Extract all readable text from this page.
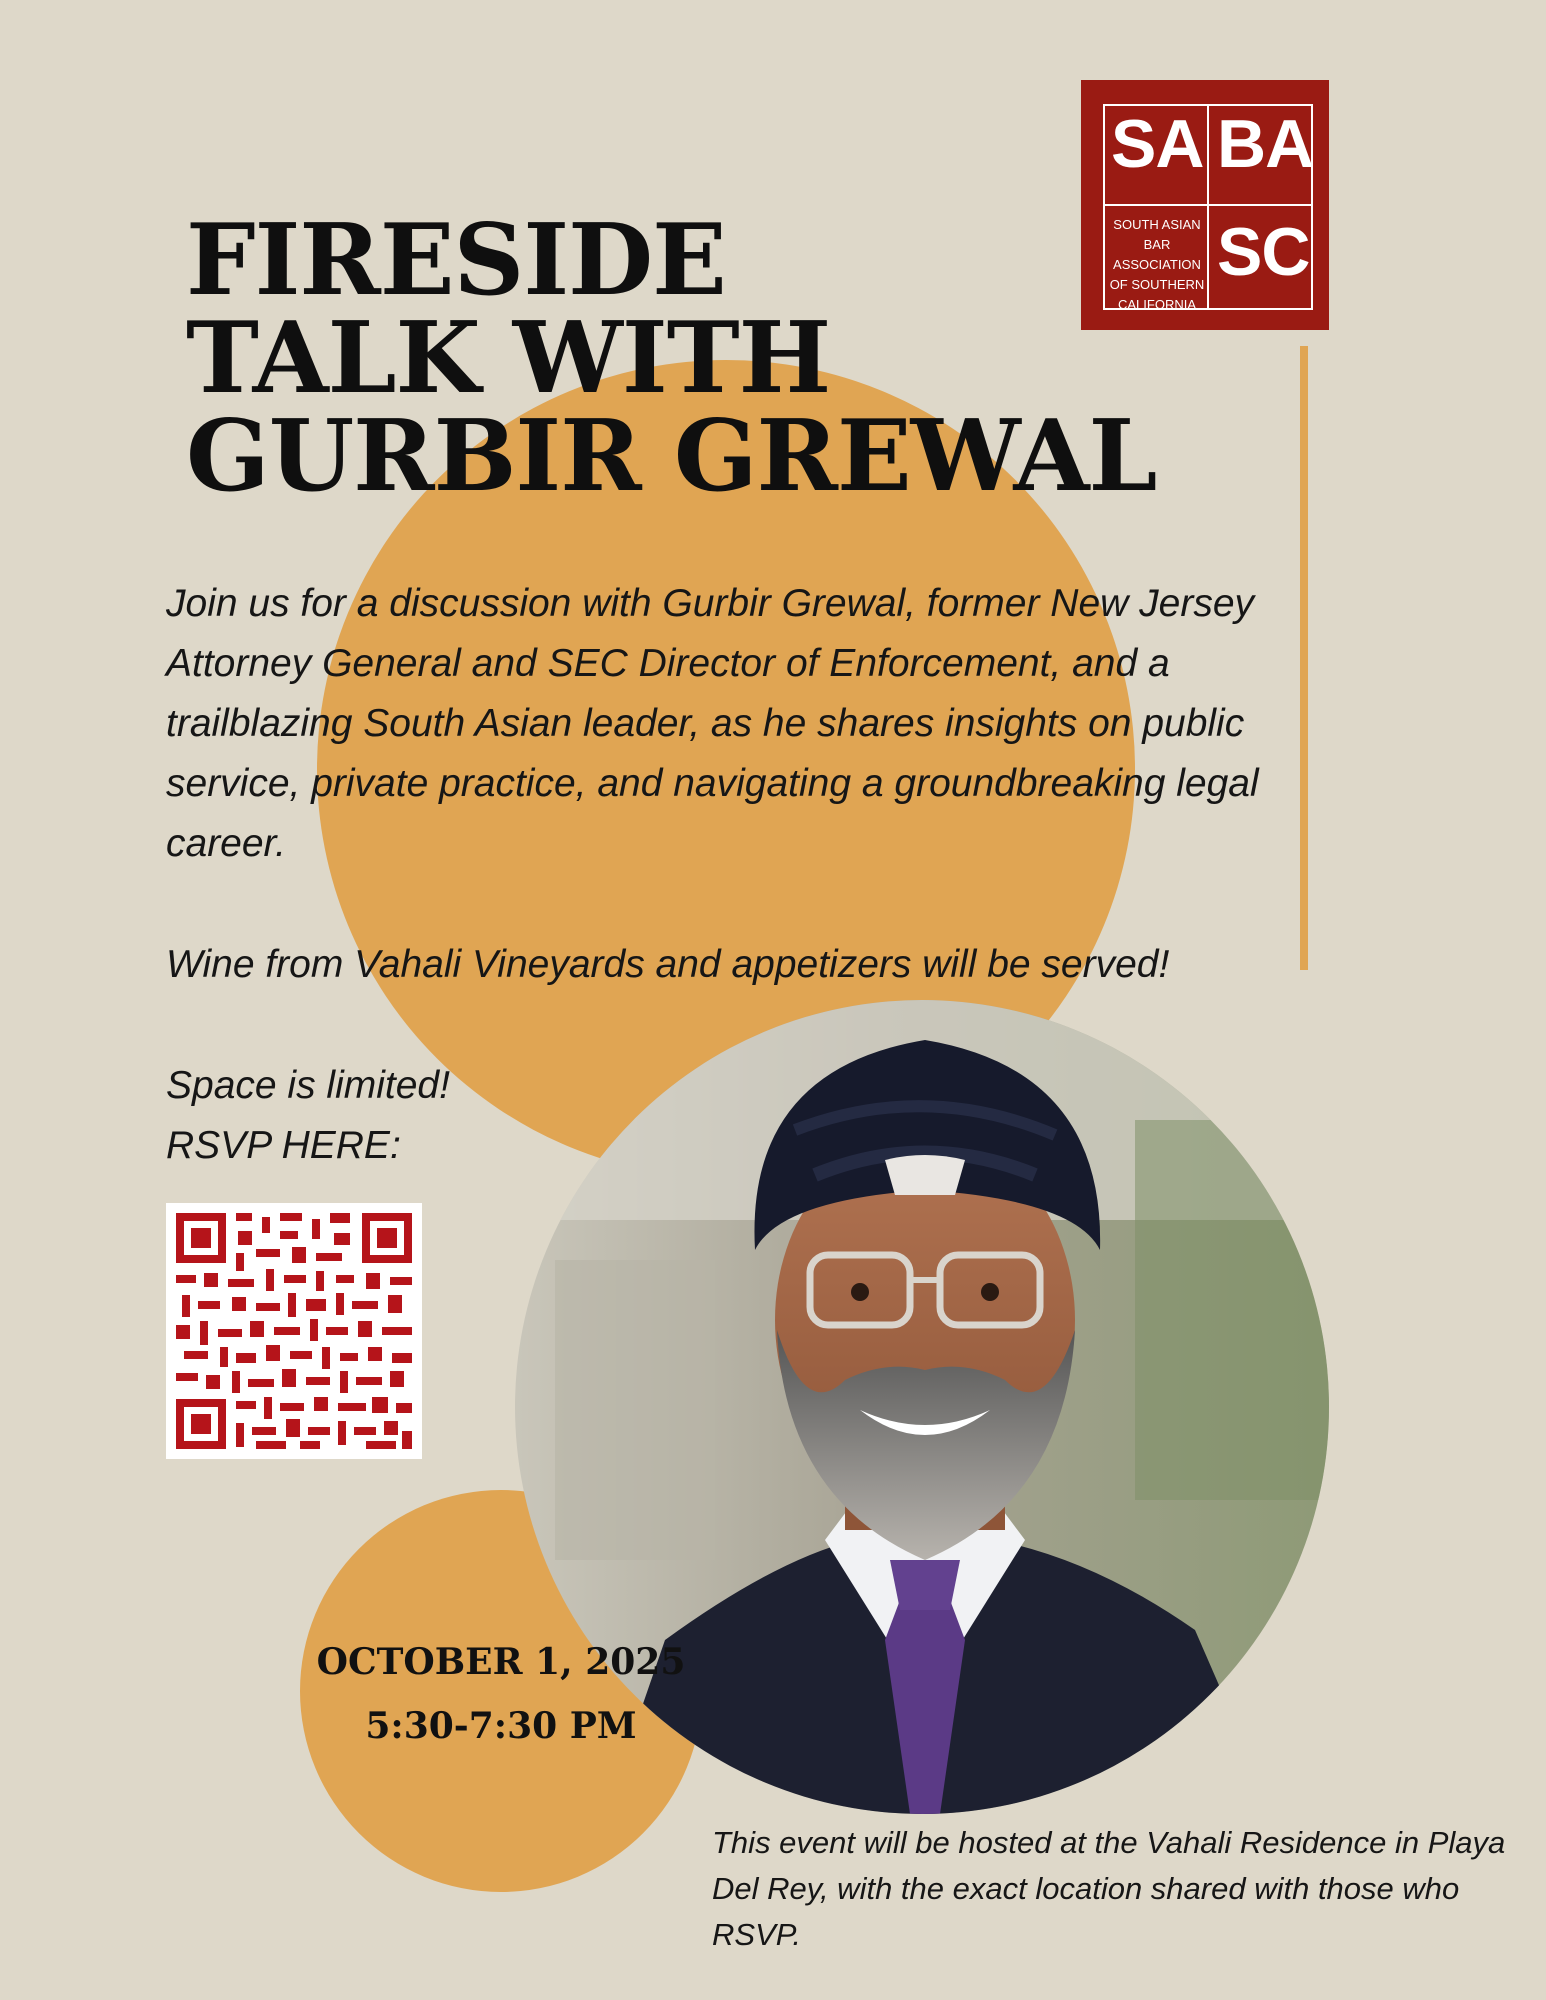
SA BA
SC
SOUTH ASIAN
BAR ASSOCIATION
OF SOUTHERN
CALIFORNIA
FIRESIDE
TALK WITH
GURBIR GREWAL
Join us for a discussion with Gurbir Grewal, former New Jersey Attorney General and SEC Director of Enforcement, and a trailblazing South Asian leader, as he shares insights on public service, private practice, and navigating a groundbreaking legal career.
Wine from Vahali Vineyards and appetizers will be served!
Space is limited!
RSVP HERE:
OCTOBER 1, 2025
5:30-7:30 PM
This event will be hosted at the Vahali Residence in Playa Del Rey, with the exact location shared with those who RSVP.
